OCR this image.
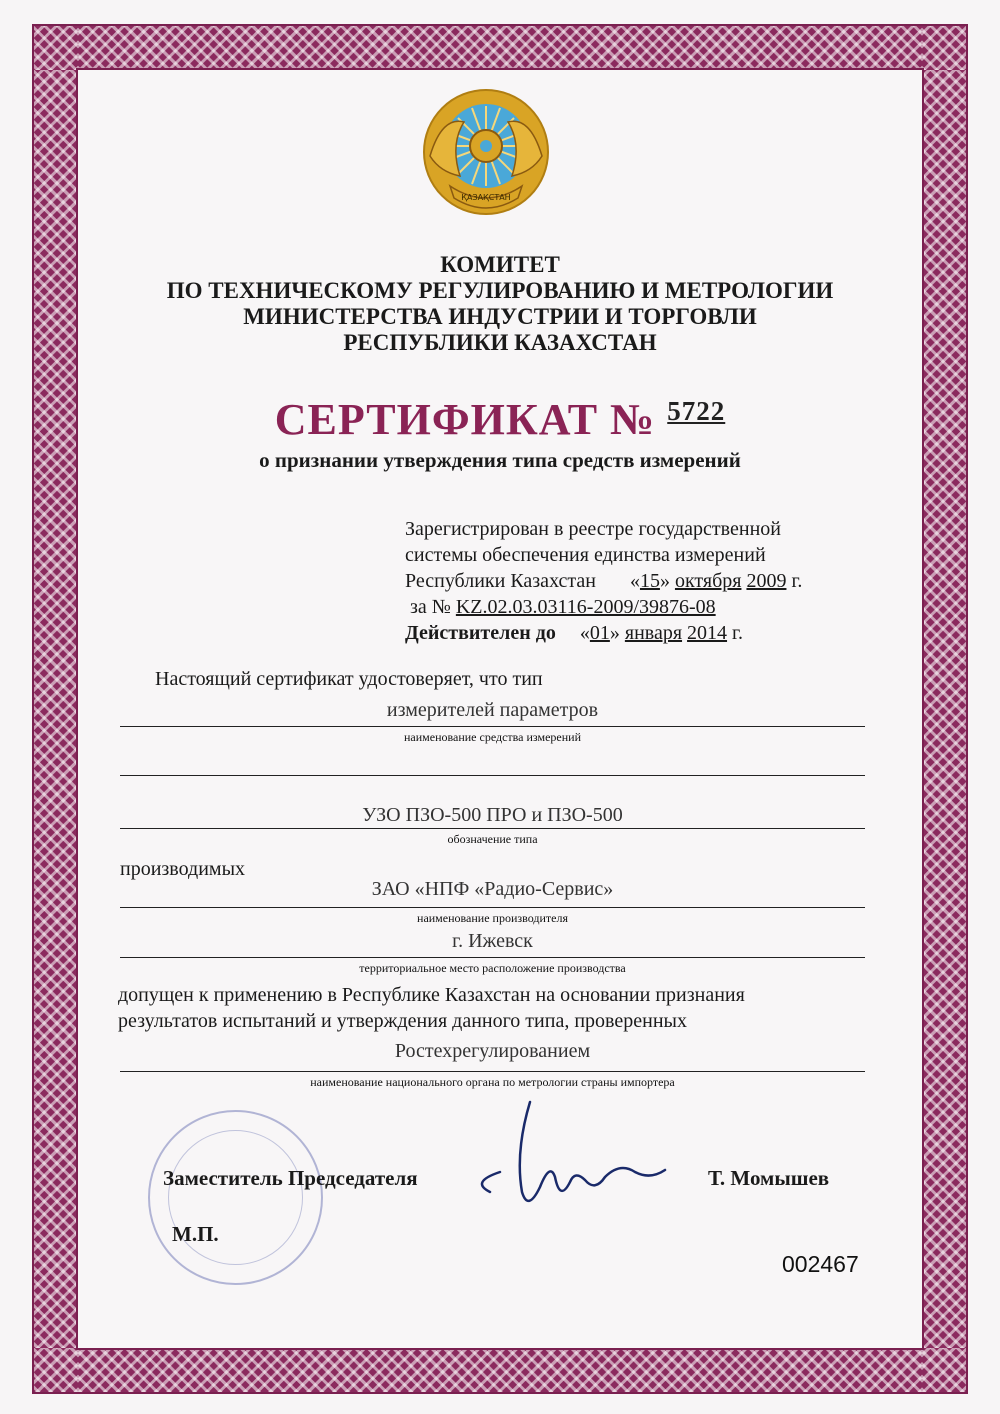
ҚАЗАҚСТАН
КОМИТЕТ
ПО ТЕХНИЧЕСКОМУ РЕГУЛИРОВАНИЮ И МЕТРОЛОГИИ
МИНИСТЕРСТВА ИНДУСТРИИ И ТОРГОВЛИ
РЕСПУБЛИКИ КАЗАХСТАН
СЕРТИФИКАТ № $^{5722}$
о признании утверждения типа средств измерений
Зарегистрирован в реестре государственной
системы обеспечения единства измерений
Республики Казахстан «15» октября 2009 г.
за № KZ.02.03.03116-2009/39876-08
Действителен до «01» января 2014 г.
Настоящий сертификат удостоверяет, что тип
измерителей параметров
наименование средства измерений
УЗО ПЗО-500 ПРО и ПЗО-500
обозначение типа
производимых
ЗАО «НПФ «Радио-Сервис»
наименование производителя
г. Ижевск
территориальное место расположение производства
допущен к применению в Республике Казахстан на основании признания
результатов испытаний и утверждения данного типа, проверенных
Ростехрегулированием
наименование национального органа по метрологии страны импортера
Заместитель Председателя	Т. Момышев
М.П.
002467
